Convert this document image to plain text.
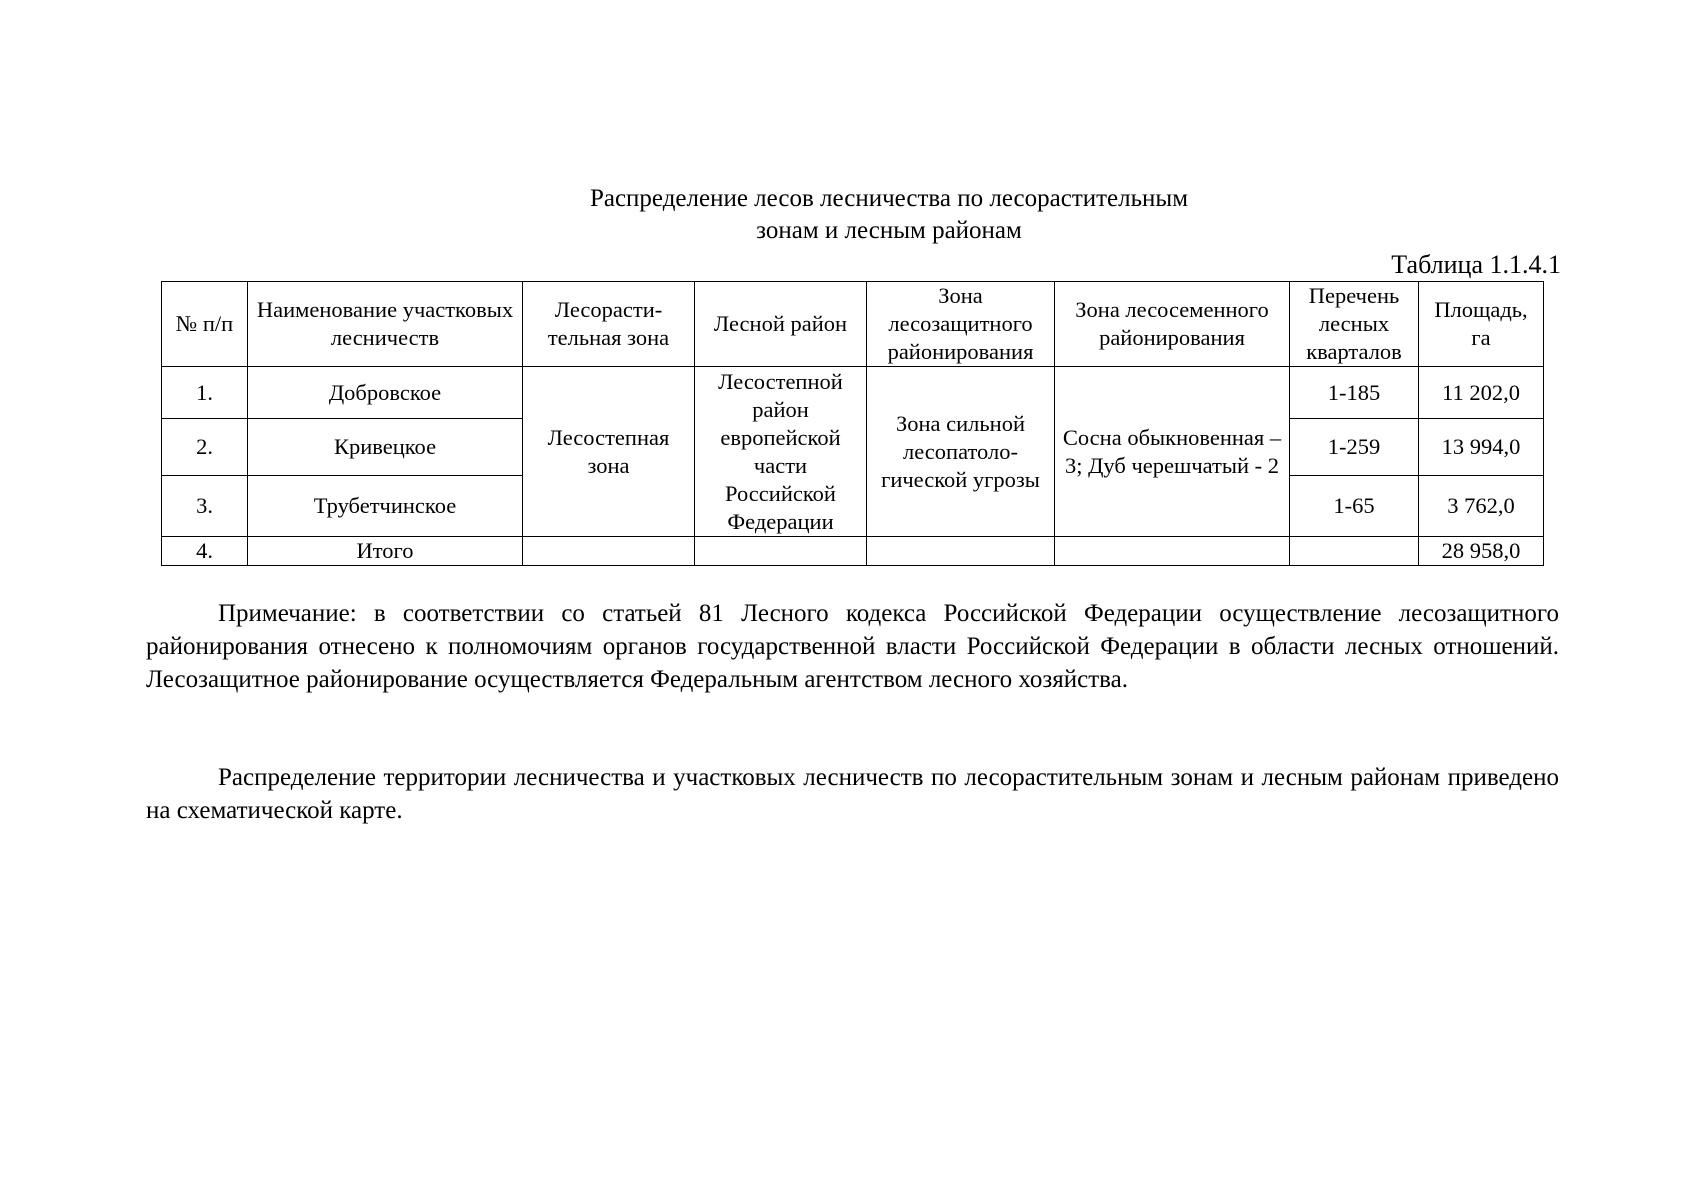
Распределение лесов лесничества по лесорастительным
зонам и лесным районам
Таблица 1.1.4.1
№ п/п	Наименование участковых лесничеств	Лесорасти-тельная зона	Лесной район	Зона лесозащитного районирования	Зона лесосеменного районирования	Перечень лесных кварталов	Площадь, га
1.	Добровское	Лесостепная зона	Лесостепной район европейской части Российской Федерации	Зона сильной лесопатоло-гической угрозы	Сосна обыкновенная – 3; Дуб черешчатый - 2	1-185	11 202,0
2.	Кривецкое					1-259	13 994,0
3.	Трубетчинское					1-65	3 762,0
4.	Итого						28 958,0

Примечание: в соответствии со статьей 81 Лесного кодекса Российской Федерации осуществление лесозащитного районирования отнесено к полномочиям органов государственной власти Российской Федерации в области лесных отношений. Лесозащитное районирование осуществляется Федеральным агентством лесного хозяйства.

Распределение территории лесничества и участковых лесничеств по лесорастительным зонам и лесным районам приведено на схематической карте.
